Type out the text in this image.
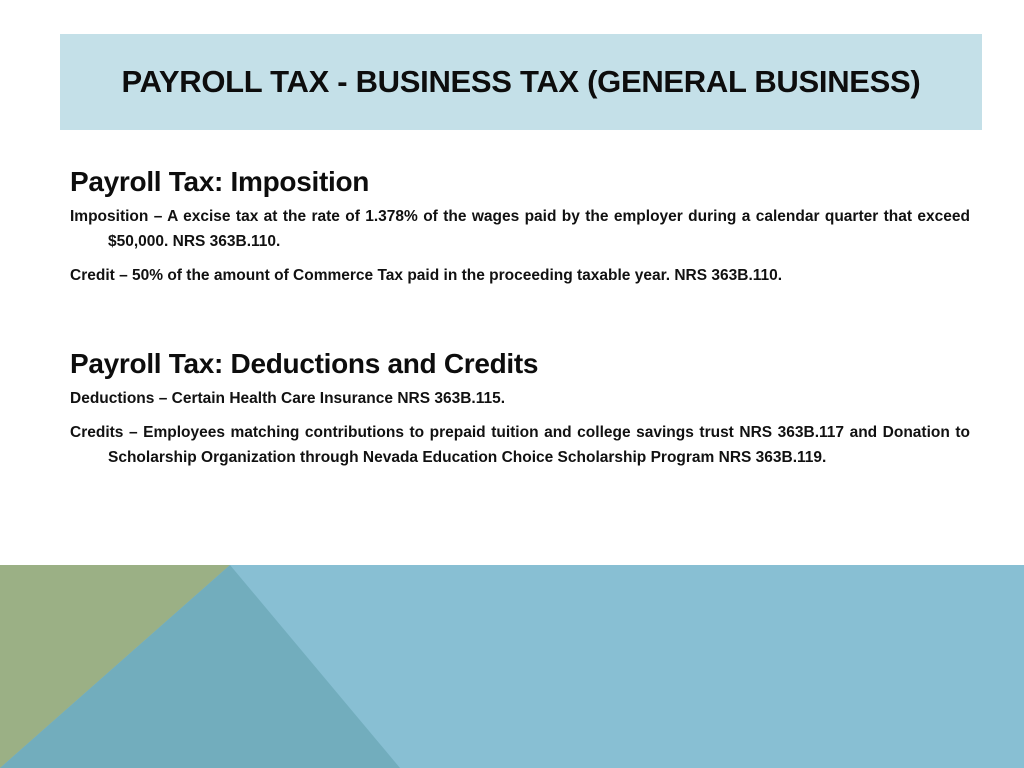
PAYROLL TAX - BUSINESS TAX (GENERAL BUSINESS)
Payroll Tax: Imposition

Imposition – A excise tax at the rate of 1.378% of the wages paid by the employer during a calendar quarter that exceed $50,000. NRS 363B.110.

Credit – 50% of the amount of Commerce Tax paid in the proceeding taxable year. NRS 363B.110.

Payroll Tax: Deductions and Credits

Deductions – Certain Health Care Insurance NRS 363B.115.

Credits – Employees matching contributions to prepaid tuition and college savings trust NRS 363B.117 and Donation to Scholarship Organization through Nevada Education Choice Scholarship Program NRS 363B.119.
